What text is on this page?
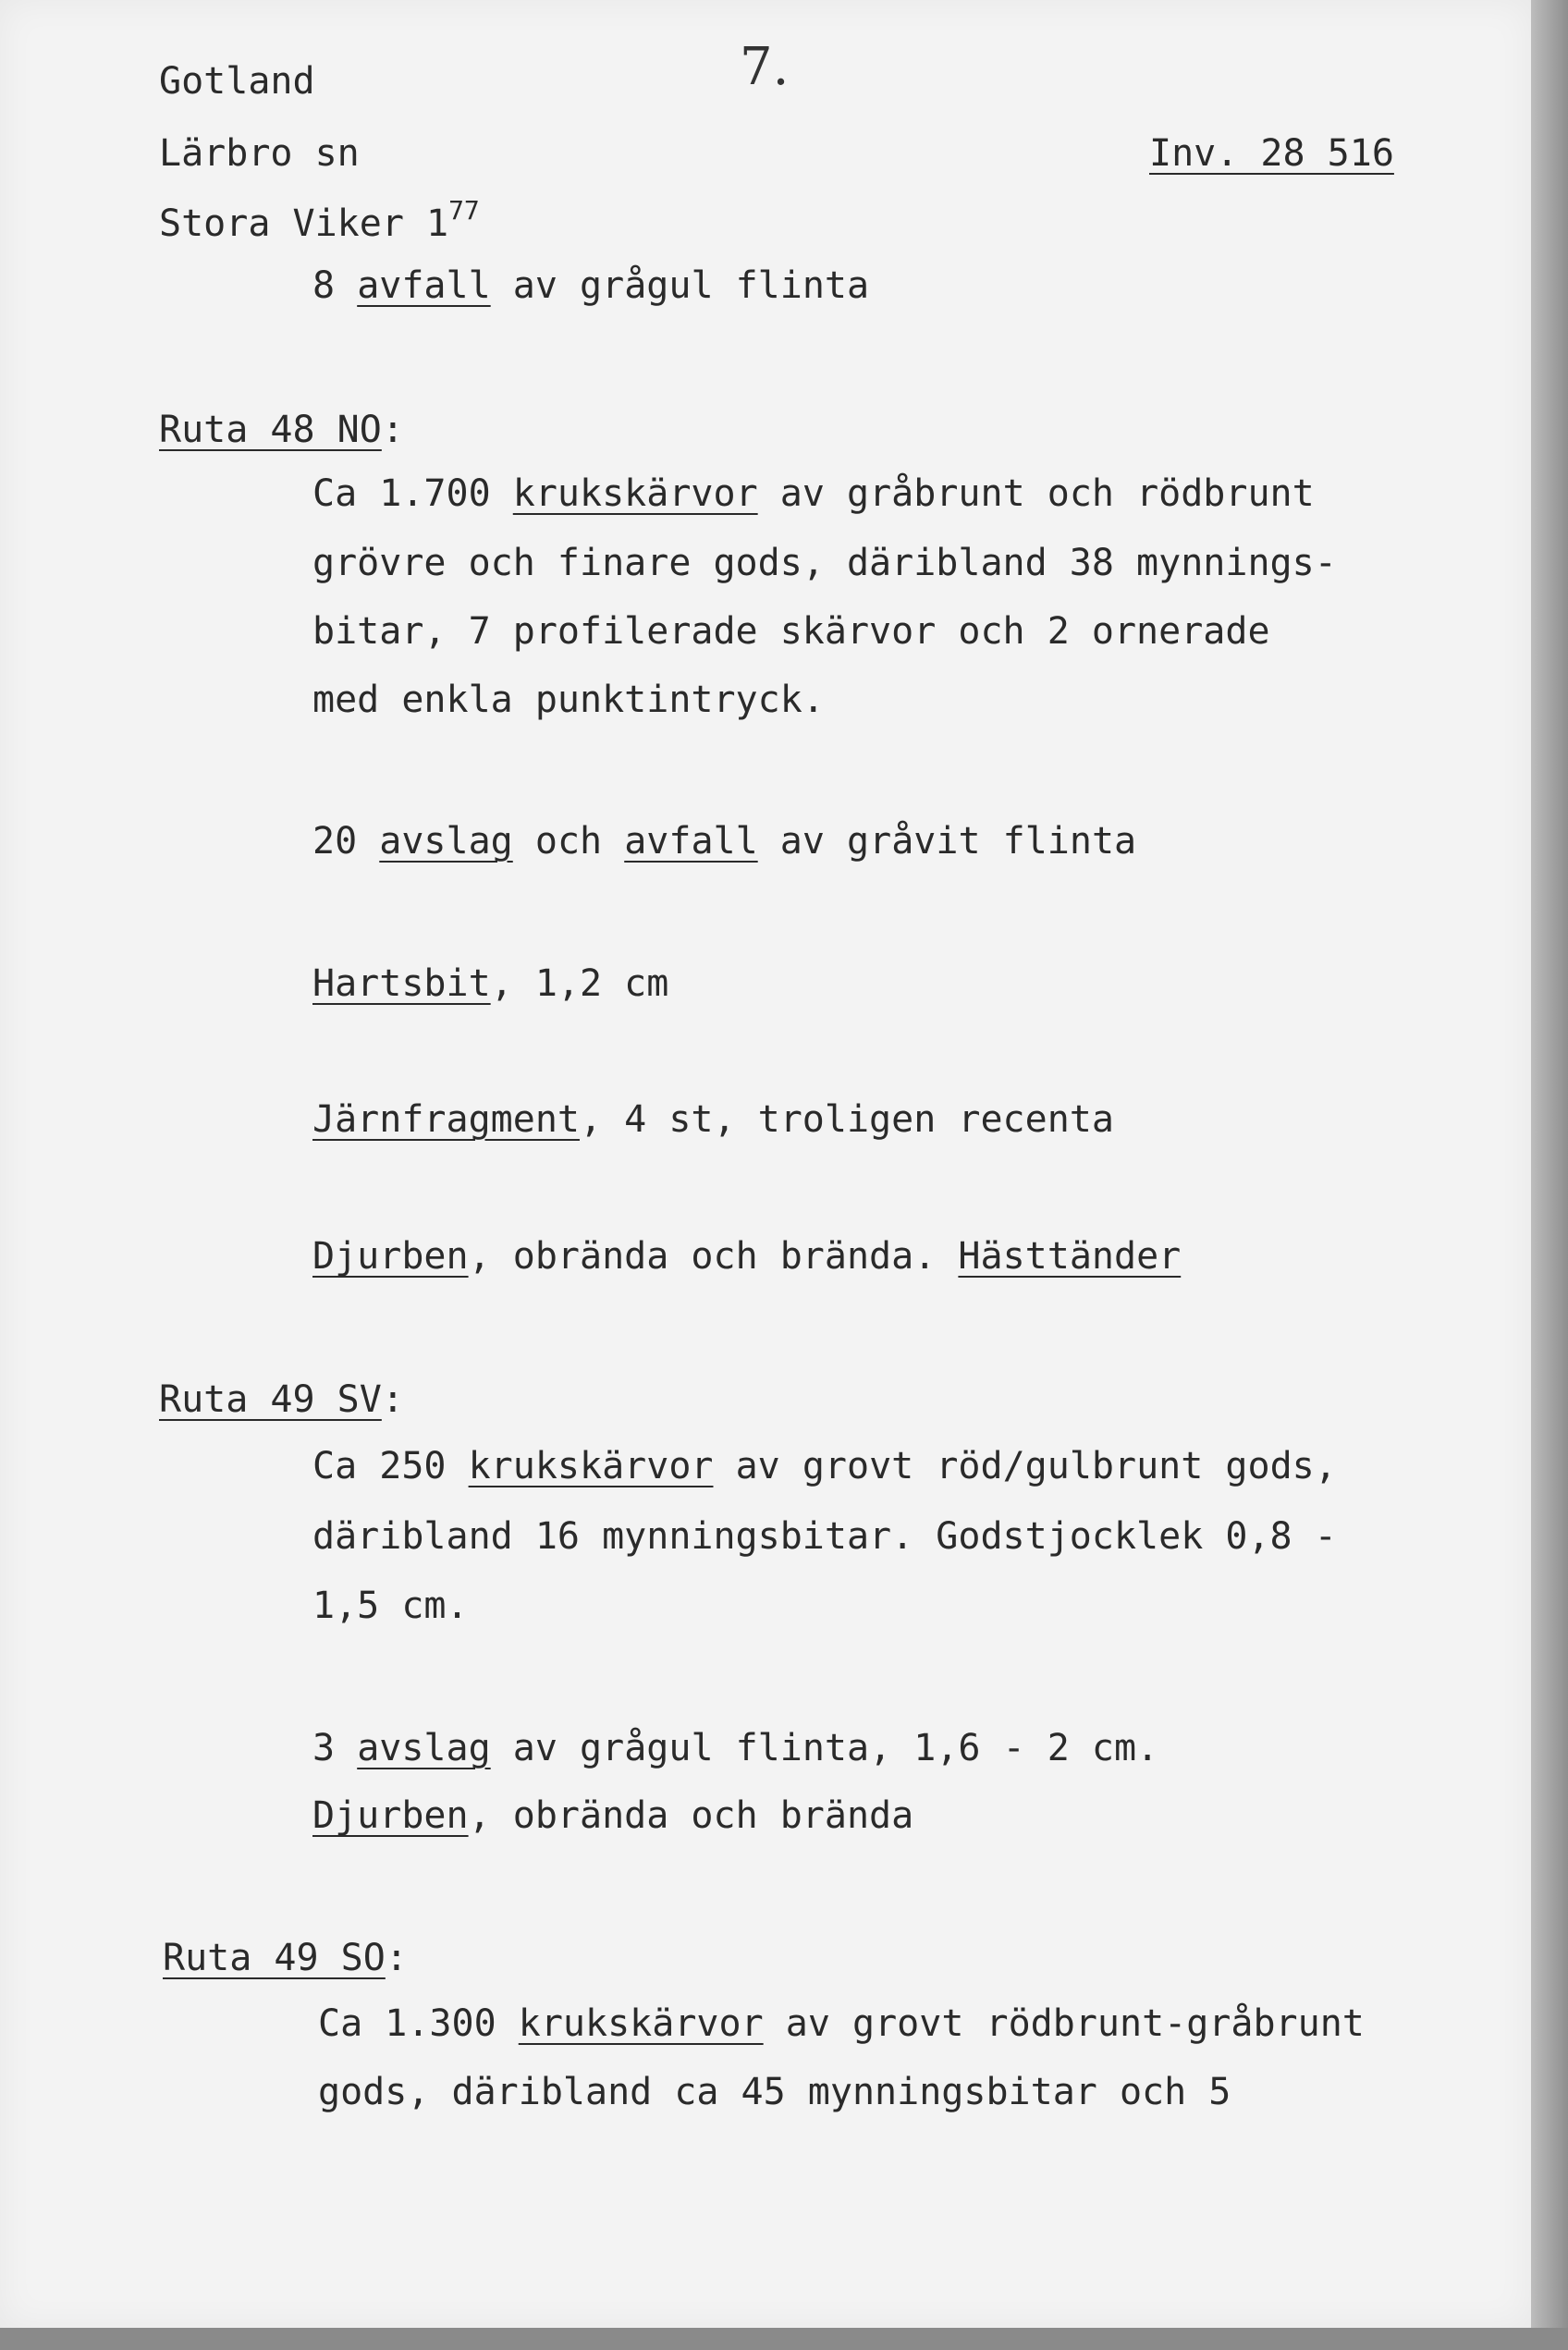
7.

Gotland

Lärbro sn	Inv. 28 516

Stora Viker $1^{77}$

8 avfall av grågul flinta

Ruta 48 NO:

Ca 1.700 krukskärvor av gråbrunt och rödbrunt

grövre och finare gods, däribland 38 mynnings-

bitar, 7 profilerade skärvor och 2 ornerade

med enkla punktintryck.

20 avslag och avfall av gråvit flinta

Hartsbit, 1,2 cm

Järnfragment, 4 st, troligen recenta

Djurben, obrända och brända. Hästtänder

Ruta 49 SV:

Ca 250 krukskärvor av grovt röd/gulbrunt gods,

däribland 16 mynningsbitar. Godstjocklek 0,8 -

1,5 cm.

3 avslag av grågul flinta, 1,6 - 2 cm.

Djurben, obrända och brända

Ruta 49 SO:

Ca 1.300 krukskärvor av grovt rödbrunt-gråbrunt

gods, däribland ca 45 mynningsbitar och 5
